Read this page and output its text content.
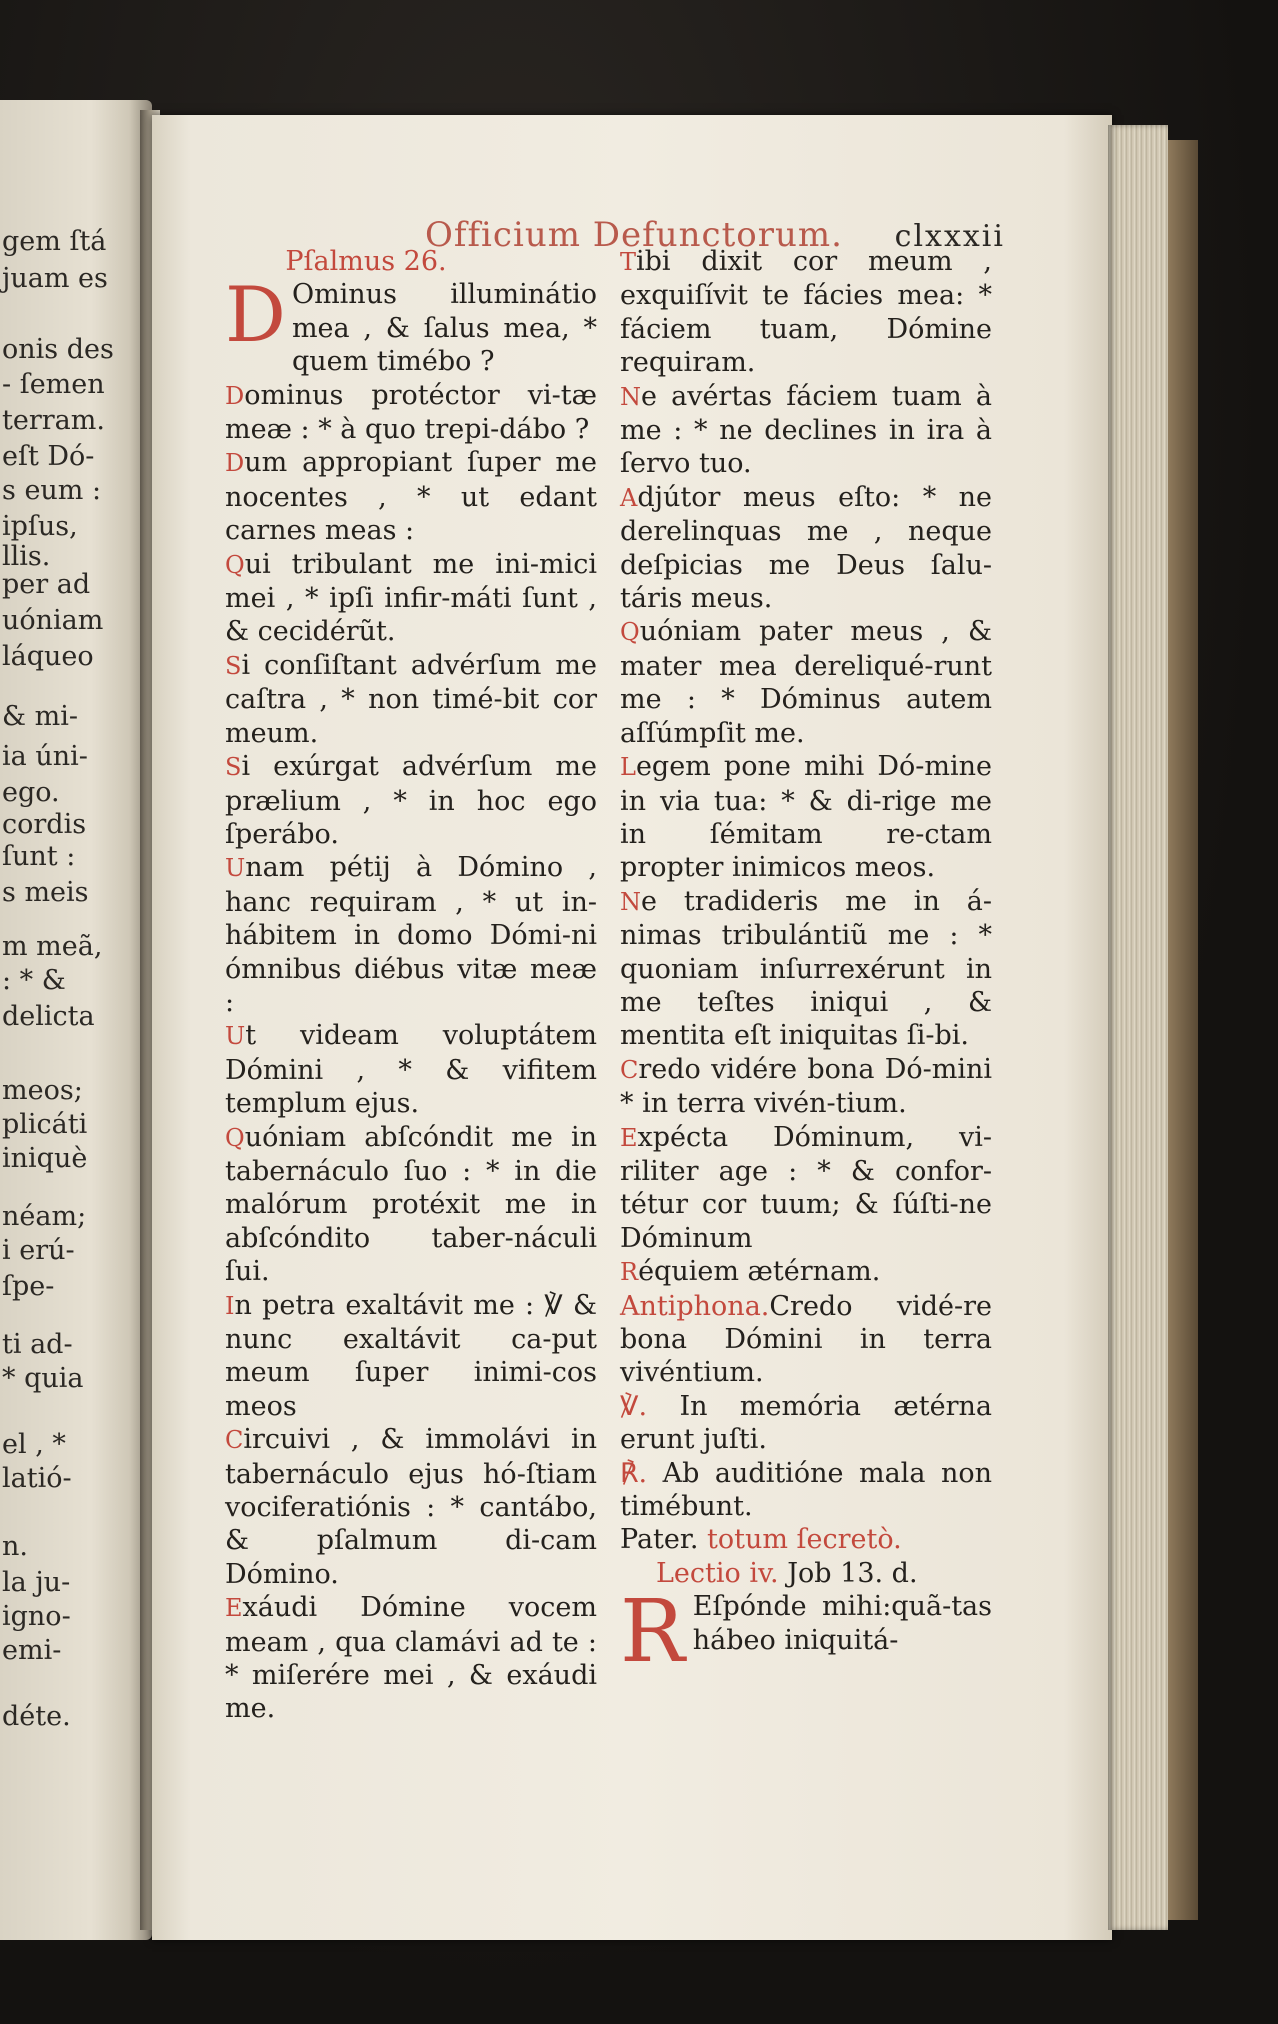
gem ſtá
juam es
onis des
- ſemen
terram.
eſt Dó-
s eum :
ipſus,
llis.
per ad
uóniam
láqueo
& mi-
ia úni-
ego.
cordis
ſunt :
s meis
m meã,
: * &
delicta
meos;
plicáti
iniquè
néam;
i erú-
ſpe-
ti ad-
* quia
el , *
latió-
n.
la ju-
igno-
emi-
déte.
Officium Defunctorum. clxxxii

Pſalmus 26.

D Ominus illuminátio mea , & ſalus mea, * quem timébo ?

Dominus protéctor vi-tæ meæ : * à quo trepi-dábo ?

Dum appropiant ſuper me nocentes , * ut edant carnes meas :

Qui tribulant me ini-mici mei , * ipſi infir-máti ſunt , & cecidérũt.

Si conſiſtant advérſum me caſtra , * non timé-bit cor meum.

Si exúrgat advérſum me prælium , * in hoc ego ſperábo.

Unam pétij à Dómino , hanc requiram , * ut in-hábitem in domo Dómi-ni ómnibus diébus vitæ meæ :

Ut videam voluptátem Dómini , * & vifitem templum ejus.

Quóniam abſcóndit me in tabernáculo ſuo : * in die malórum protéxit me in abſcóndito taber-náculi ſui.

In petra exaltávit me : ℣ & nunc exaltávit ca-put meum ſuper inimi-cos meos

Circuivi , & immolávi in tabernáculo ejus hó-ſtiam vociferatiónis : * cantábo, & pſalmum di-cam Dómino.

Exáudi Dómine vocem meam , qua clamávi ad te : * miſerére mei , & exáudi me.

Tibi dixit cor meum , exquiſívit te fácies mea: * fáciem tuam, Dómine requiram.

Ne avértas fáciem tuam à me : * ne declines in ira à ſervo tuo.

Adjútor meus eſto: * ne derelinquas me , neque deſpicias me Deus ſalu-táris meus.

Quóniam pater meus , & mater mea dereliqué-runt me : * Dóminus autem aſſúmpſit me.

Legem pone mihi Dó-mine in via tua: * & di-rige me in ſémitam re-ctam propter inimicos meos.

Ne tradideris me in á-nimas tribulántiũ me : * quoniam inſurrexérunt in me teſtes iniqui , & mentita eſt iniquitas ſi-bi.

Credo vidére bona Dó-mini * in terra vivén-tium.

Expécta Dóminum, vi-riliter age : * & confor-tétur cor tuum; & ſúſti-ne Dóminum

Réquiem ætérnam.

Antiphona.Credo vidé-re bona Dómini in terra vivéntium.

℣. In memória ætérna erunt juſti.

℟. Ab auditióne mala non timébunt.

Pater. totum ſecretò.

Lectio iv. Job 13. d.

R Eſpónde mihi:quã-tas hábeo iniquitá-
